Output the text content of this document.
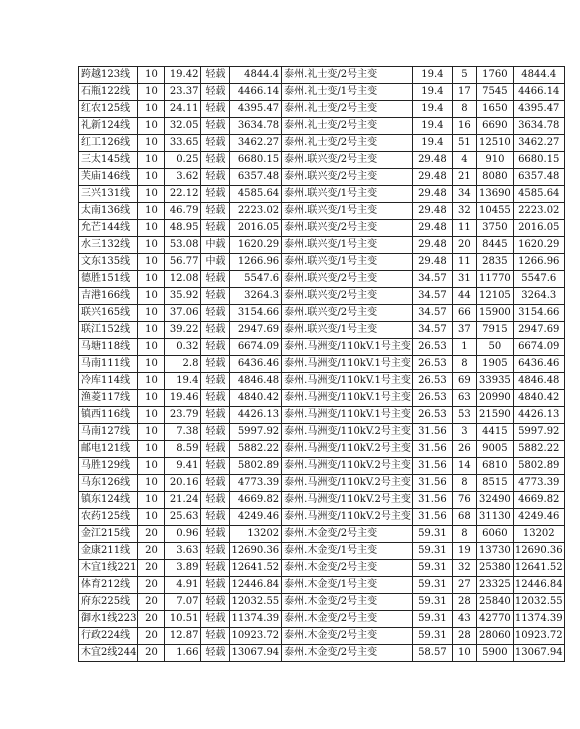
跨越123线	10	19.42	轻载	4844.4	泰州.礼士变/2号主变	19.4	5	1760	4844.4
石瓶122线	10	23.37	轻载	4466.14	泰州.礼士变/1号主变	19.4	17	7545	4466.14
红农125线	10	24.11	轻载	4395.47	泰州.礼士变/2号主变	19.4	8	1650	4395.47
礼新124线	10	32.05	轻载	3634.78	泰州.礼士变/2号主变	19.4	16	6690	3634.78
红工126线	10	33.65	轻载	3462.27	泰州.礼士变/2号主变	19.4	51	12510	3462.27
三太145线	10	0.25	轻载	6680.15	泰州.联兴变/2号主变	29.48	4	910	6680.15
芙庙146线	10	3.62	轻载	6357.48	泰州.联兴变/2号主变	29.48	21	8080	6357.48
三兴131线	10	22.12	轻载	4585.64	泰州.联兴变/1号主变	29.48	34	13690	4585.64
太南136线	10	46.79	轻载	2223.02	泰州.联兴变/1号主变	29.48	32	10455	2223.02
允芒144线	10	48.95	轻载	2016.05	泰州.联兴变/2号主变	29.48	11	3750	2016.05
水三132线	10	53.08	中载	1620.29	泰州.联兴变/1号主变	29.48	20	8445	1620.29
文东135线	10	56.77	中载	1266.96	泰州.联兴变/1号主变	29.48	11	2835	1266.96
德胜151线	10	12.08	轻载	5547.6	泰州.联兴变/2号主变	34.57	31	11770	5547.6
吉港166线	10	35.92	轻载	3264.3	泰州.联兴变/2号主变	34.57	44	12105	3264.3
联兴165线	10	37.06	轻载	3154.66	泰州.联兴变/2号主变	34.57	66	15900	3154.66
联江152线	10	39.22	轻载	2947.69	泰州.联兴变/1号主变	34.57	37	7915	2947.69
马塘118线	10	0.32	轻载	6674.09	泰州.马洲变/110kV.1号主变	26.53	1	50	6674.09
马南111线	10	2.8	轻载	6436.46	泰州.马洲变/110kV.1号主变	26.53	8	1905	6436.46
冷库114线	10	19.4	轻载	4846.48	泰州.马洲变/110kV.1号主变	26.53	69	33935	4846.48
渔菱117线	10	19.46	轻载	4840.42	泰州.马洲变/110kV.1号主变	26.53	63	20990	4840.42
镇西116线	10	23.79	轻载	4426.13	泰州.马洲变/110kV.1号主变	26.53	53	21590	4426.13
马南127线	10	7.38	轻载	5997.92	泰州.马洲变/110kV.2号主变	31.56	3	4415	5997.92
邮电121线	10	8.59	轻载	5882.22	泰州.马洲变/110kV.2号主变	31.56	26	9005	5882.22
马胜129线	10	9.41	轻载	5802.89	泰州.马洲变/110kV.2号主变	31.56	14	6810	5802.89
马东126线	10	20.16	轻载	4773.39	泰州.马洲变/110kV.2号主变	31.56	8	8515	4773.39
镇东124线	10	21.24	轻载	4669.82	泰州.马洲变/110kV.2号主变	31.56	76	32490	4669.82
农药125线	10	25.63	轻载	4249.46	泰州.马洲变/110kV.2号主变	31.56	68	31130	4249.46
金江215线	20	0.96	轻载	13202	泰州.木金变/2号主变	59.31	8	6060	13202
金康211线	20	3.63	轻载	12690.36	泰州.木金变/1号主变	59.31	19	13730	12690.36
木宜1线221	20	3.89	轻载	12641.52	泰州.木金变/2号主变	59.31	32	25380	12641.52
体育212线	20	4.91	轻载	12446.84	泰州.木金变/1号主变	59.31	27	23325	12446.84
府东225线	20	7.07	轻载	12032.55	泰州.木金变/2号主变	59.31	28	25840	12032.55
御水1线223	20	10.51	轻载	11374.39	泰州.木金变/2号主变	59.31	43	42770	11374.39
行政224线	20	12.87	轻载	10923.72	泰州.木金变/2号主变	59.31	28	28060	10923.72
木宜2线244	20	1.66	轻载	13067.94	泰州.木金变/2号主变	58.57	10	5900	13067.94
